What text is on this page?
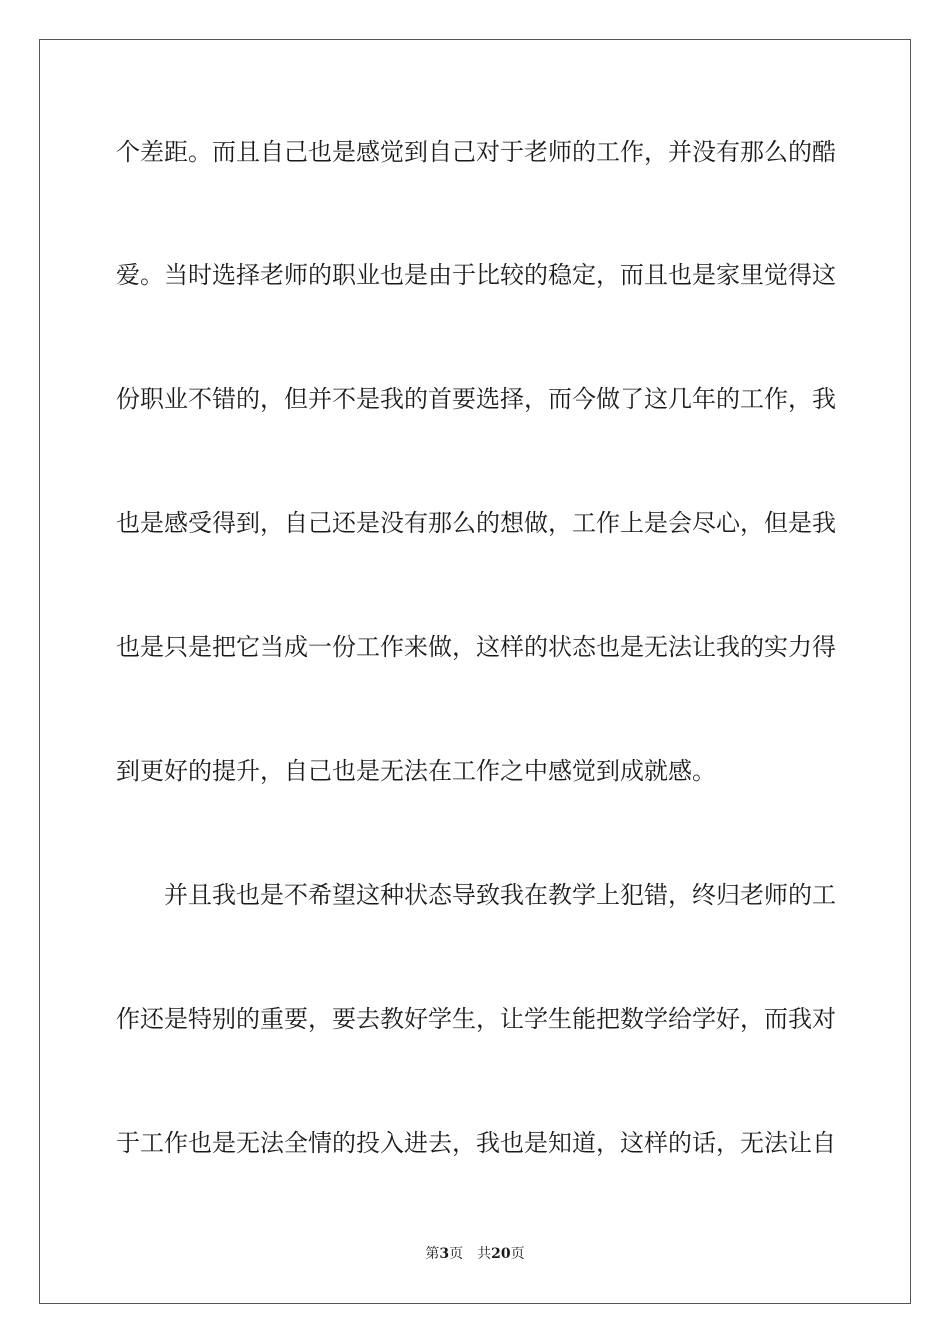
个差距。而且自己也是感觉到自己对于老师的工作，并没有那么的酷
爱。当时选择老师的职业也是由于比较的稳定，而且也是家里觉得这
份职业不错的，但并不是我的首要选择，而今做了这几年的工作，我
也是感受得到，自己还是没有那么的想做，工作上是会尽心，但是我
也是只是把它当成一份工作来做，这样的状态也是无法让我的实力得
到更好的提升，自己也是无法在工作之中感觉到成就感。
并且我也是不希望这种状态导致我在教学上犯错，终归老师的工
作还是特别的重要，要去教好学生，让学生能把数学给学好，而我对
于工作也是无法全情的投入进去，我也是知道，这样的话，无法让自
第3页 共20页
